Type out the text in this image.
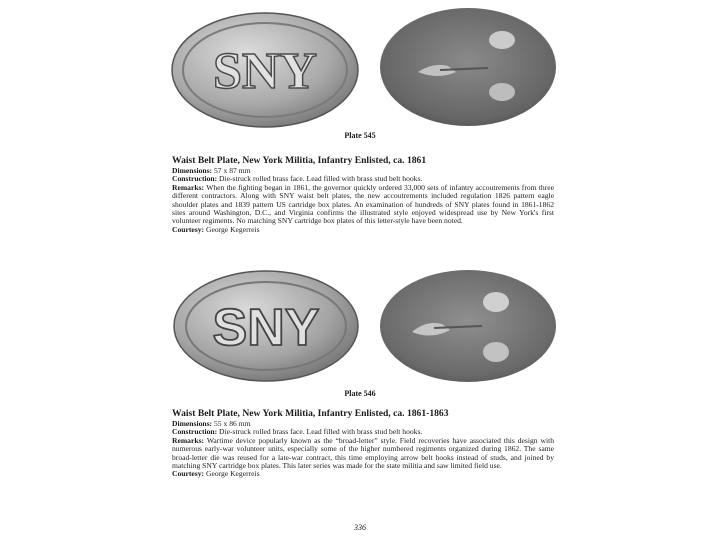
SNY
Plate 545
Waist Belt Plate, New York Militia, Infantry Enlisted, ca. 1861

Dimensions: 57 x 87 mm

Construction: Die-struck rolled brass face. Lead filled with brass stud belt hooks.

Remarks: When the fighting began in 1861, the governor quickly ordered 33,000 sets of infantry accoutrements from three different contractors. Along with SNY waist belt plates, the new accoutrements included regulation 1826 pattern eagle shoulder plates and 1839 pattern US cartridge box plates. An examination of hundreds of SNY plates found in 1861-1862 sites around Washington, D.C., and Virginia confirms the illustrated style enjoyed widespread use by New York's first volunteer regiments. No matching SNY cartridge box plates of this letter-style have been noted.

Courtesy: George Kegerreis

SNY
Plate 546
Waist Belt Plate, New York Militia, Infantry Enlisted, ca. 1861-1863

Dimensions: 55 x 86 mm

Construction: Die-struck rolled brass face. Lead filled with brass stud belt hooks.

Remarks: Wartime device popularly known as the “broad-letter” style. Field recoveries have associated this design with numerous early-war volunteer units, especially some of the higher numbered regiments organized during 1862. The same broad-letter die was reused for a late-war contract, this time employing arrow belt hooks instead of studs, and joined by matching SNY cartridge box plates. This later series was made for the state militia and saw limited field use.

Courtesy: George Kegerreis

336
